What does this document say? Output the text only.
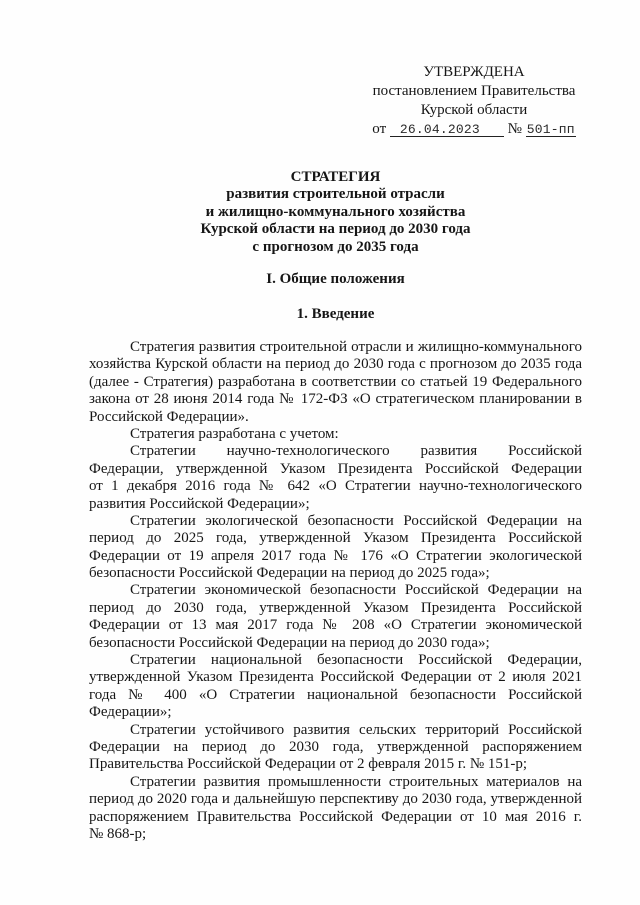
УТВЕРЖДЕНА
постановлением Правительства
Курской области
от 26.04.2023 № 501-пп
СТРАТЕГИЯ
развития строительной отрасли
и жилищно-коммунального хозяйства
Курской области на период до 2030 года
с прогнозом до 2035 года
I. Общие положения
1. Введение
Стратегия развития строительной отрасли и жилищно-коммунального
хозяйства Курской области на период до 2030 года с прогнозом до 2035 года
(далее - Стратегия) разработана в соответствии со статьей 19 Федерального
закона от 28 июня 2014 года № 172-ФЗ «О стратегическом планировании в
Российской Федерации».
Стратегия разработана с учетом:
Стратегии научно-технологического развития Российской
Федерации, утвержденной Указом Президента Российской Федерации
от 1 декабря 2016 года № 642 «О Стратегии научно-технологического
развития Российской Федерации»;
Стратегии экологической безопасности Российской Федерации на
период до 2025 года, утвержденной Указом Президента Российской
Федерации от 19 апреля 2017 года № 176 «О Стратегии экологической
безопасности Российской Федерации на период до 2025 года»;
Стратегии экономической безопасности Российской Федерации на
период до 2030 года, утвержденной Указом Президента Российской
Федерации от 13 мая 2017 года № 208 «О Стратегии экономической
безопасности Российской Федерации на период до 2030 года»;
Стратегии национальной безопасности Российской Федерации,
утвержденной Указом Президента Российской Федерации от 2 июля 2021
года № 400 «О Стратегии национальной безопасности Российской
Федерации»;
Стратегии устойчивого развития сельских территорий Российской
Федерации на период до 2030 года, утвержденной распоряжением
Правительства Российской Федерации от 2 февраля 2015 г. № 151-р;
Стратегии развития промышленности строительных материалов на
период до 2020 года и дальнейшую перспективу до 2030 года, утвержденной
распоряжением Правительства Российской Федерации от 10 мая 2016 г.
№ 868-р;
